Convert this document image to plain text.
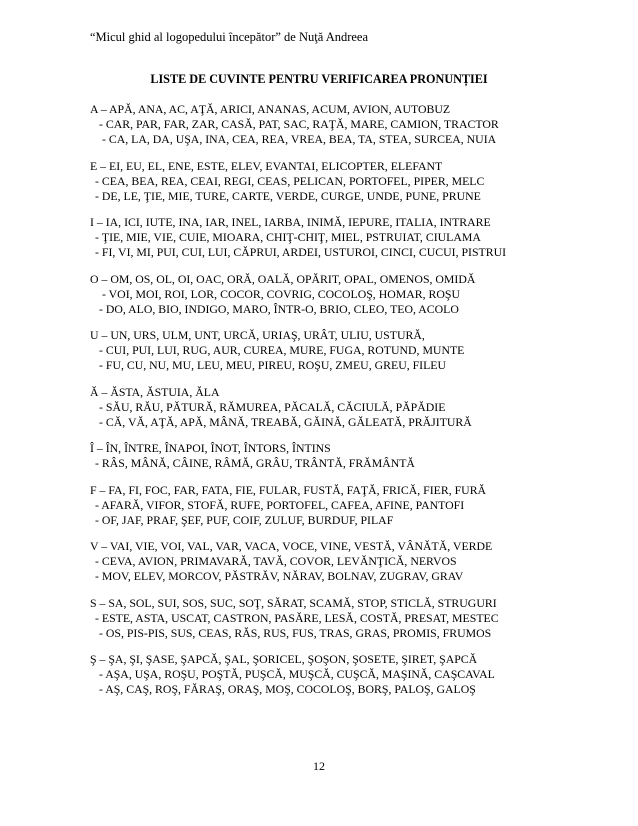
“Micul ghid al logopedului începător” de Nuţă Andreea
LISTE DE CUVINTE PENTRU VERIFICAREA PRONUNȚIEI
A – APĂ, ANA, AC, AŢĂ, ARICI, ANANAS, ACUM, AVION, AUTOBUZ
- CAR, PAR, FAR, ZAR, CASĂ, PAT, SAC, RAŢĂ, MARE, CAMION, TRACTOR
- CA, LA, DA, UŞA, INA, CEA, REA, VREA, BEA, TA, STEA, SURCEA, NUIA
E – EI, EU, EL, ENE, ESTE, ELEV, EVANTAI, ELICOPTER, ELEFANT
- CEA, BEA, REA, CEAI, REGI, CEAS, PELICAN, PORTOFEL, PIPER, MELC
- DE, LE, ŢIE, MIE, TURE, CARTE, VERDE, CURGE, UNDE, PUNE, PRUNE
I – IA, ICI, IUTE, INA, IAR, INEL, IARBA, INIMĂ, IEPURE, ITALIA, INTRARE
- ŢIE, MIE, VIE, CUIE, MIOARA, CHIŢ-CHIŢ, MIEL, PSTRUIAT, CIULAMA
- FI, VI, MI, PUI, CUI, LUI, CĂPRUI, ARDEI, USTUROI, CINCI, CUCUI, PISTRUI
O – OM, OS, OL, OI, OAC, ORĂ, OALĂ, OPĂRIT, OPAL, OMENOS, OMIDĂ
- VOI, MOI, ROI, LOR, COCOR, COVRIG, COCOLOŞ, HOMAR, ROŞU
- DO, ALO, BIO, INDIGO, MARO, ÎNTR-O, BRIO, CLEO, TEO, ACOLO
U – UN, URS, ULM, UNT, URCĂ, URIAŞ, URÂT, ULIU, USTURĂ,
- CUI, PUI, LUI, RUG, AUR, CUREA, MURE, FUGA, ROTUND, MUNTE
- FU, CU, NU, MU, LEU, MEU, PIREU, ROŞU, ZMEU, GREU, FILEU
Ă – ĂSTA, ĂSTUIA, ĂLA
- SĂU, RĂU, PĂTURĂ, RĂMUREA, PĂCALĂ, CĂCIULĂ, PĂPĂDIE
- CĂ, VĂ, AŢĂ, APĂ, MÂNĂ, TREABĂ, GĂINĂ, GĂLEATĂ, PRĂJITURĂ
Î – ÎN, ÎNTRE, ÎNAPOI, ÎNOT, ÎNTORS, ÎNTINS
- RÂS, MÂNĂ, CÂINE, RÂMĂ, GRÂU, TRÂNTĂ, FRĂMÂNTĂ
F – FA, FI, FOC, FAR, FATA, FIE, FULAR, FUSTĂ, FAŢĂ, FRICĂ, FIER, FURĂ
- AFARĂ, VIFOR, STOFĂ, RUFE, PORTOFEL, CAFEA, AFINE, PANTOFI
- OF, JAF, PRAF, ŞEF, PUF, COIF, ZULUF, BURDUF, PILAF
V – VAI, VIE, VOI, VAL, VAR, VACA, VOCE, VINE, VESTĂ, VÂNĂTĂ, VERDE
- CEVA, AVION, PRIMAVARĂ, TAVĂ, COVOR, LEVĂNŢICĂ, NERVOS
- MOV, ELEV, MORCOV, PĂSTRĂV, NĂRAV, BOLNAV, ZUGRAV, GRAV
S – SA, SOL, SUI, SOS, SUC, SOŢ, SĂRAT, SCAMĂ, STOP, STICLĂ, STRUGURI
- ESTE, ASTA, USCAT, CASTRON, PASĂRE, LESĂ, COSTĂ, PRESAT, MESTEC
- OS, PIS-PIS, SUS, CEAS, RĂS, RUS, FUS, TRAS, GRAS, PROMIS, FRUMOS
Ş – ŞA, ŞI, ŞASE, ŞAPCĂ, ŞAL, ŞORICEL, ŞOŞON, ŞOSETE, ŞIRET, ŞAPCĂ
- AŞA, UŞA, ROŞU, POŞTĂ, PUŞCĂ, MUŞCĂ, CUŞCĂ, MAŞINĂ, CAŞCAVAL
- AŞ, CAŞ, ROŞ, FĂRAŞ, ORAŞ, MOŞ, COCOLOŞ, BORŞ, PALOŞ, GALOŞ
12
